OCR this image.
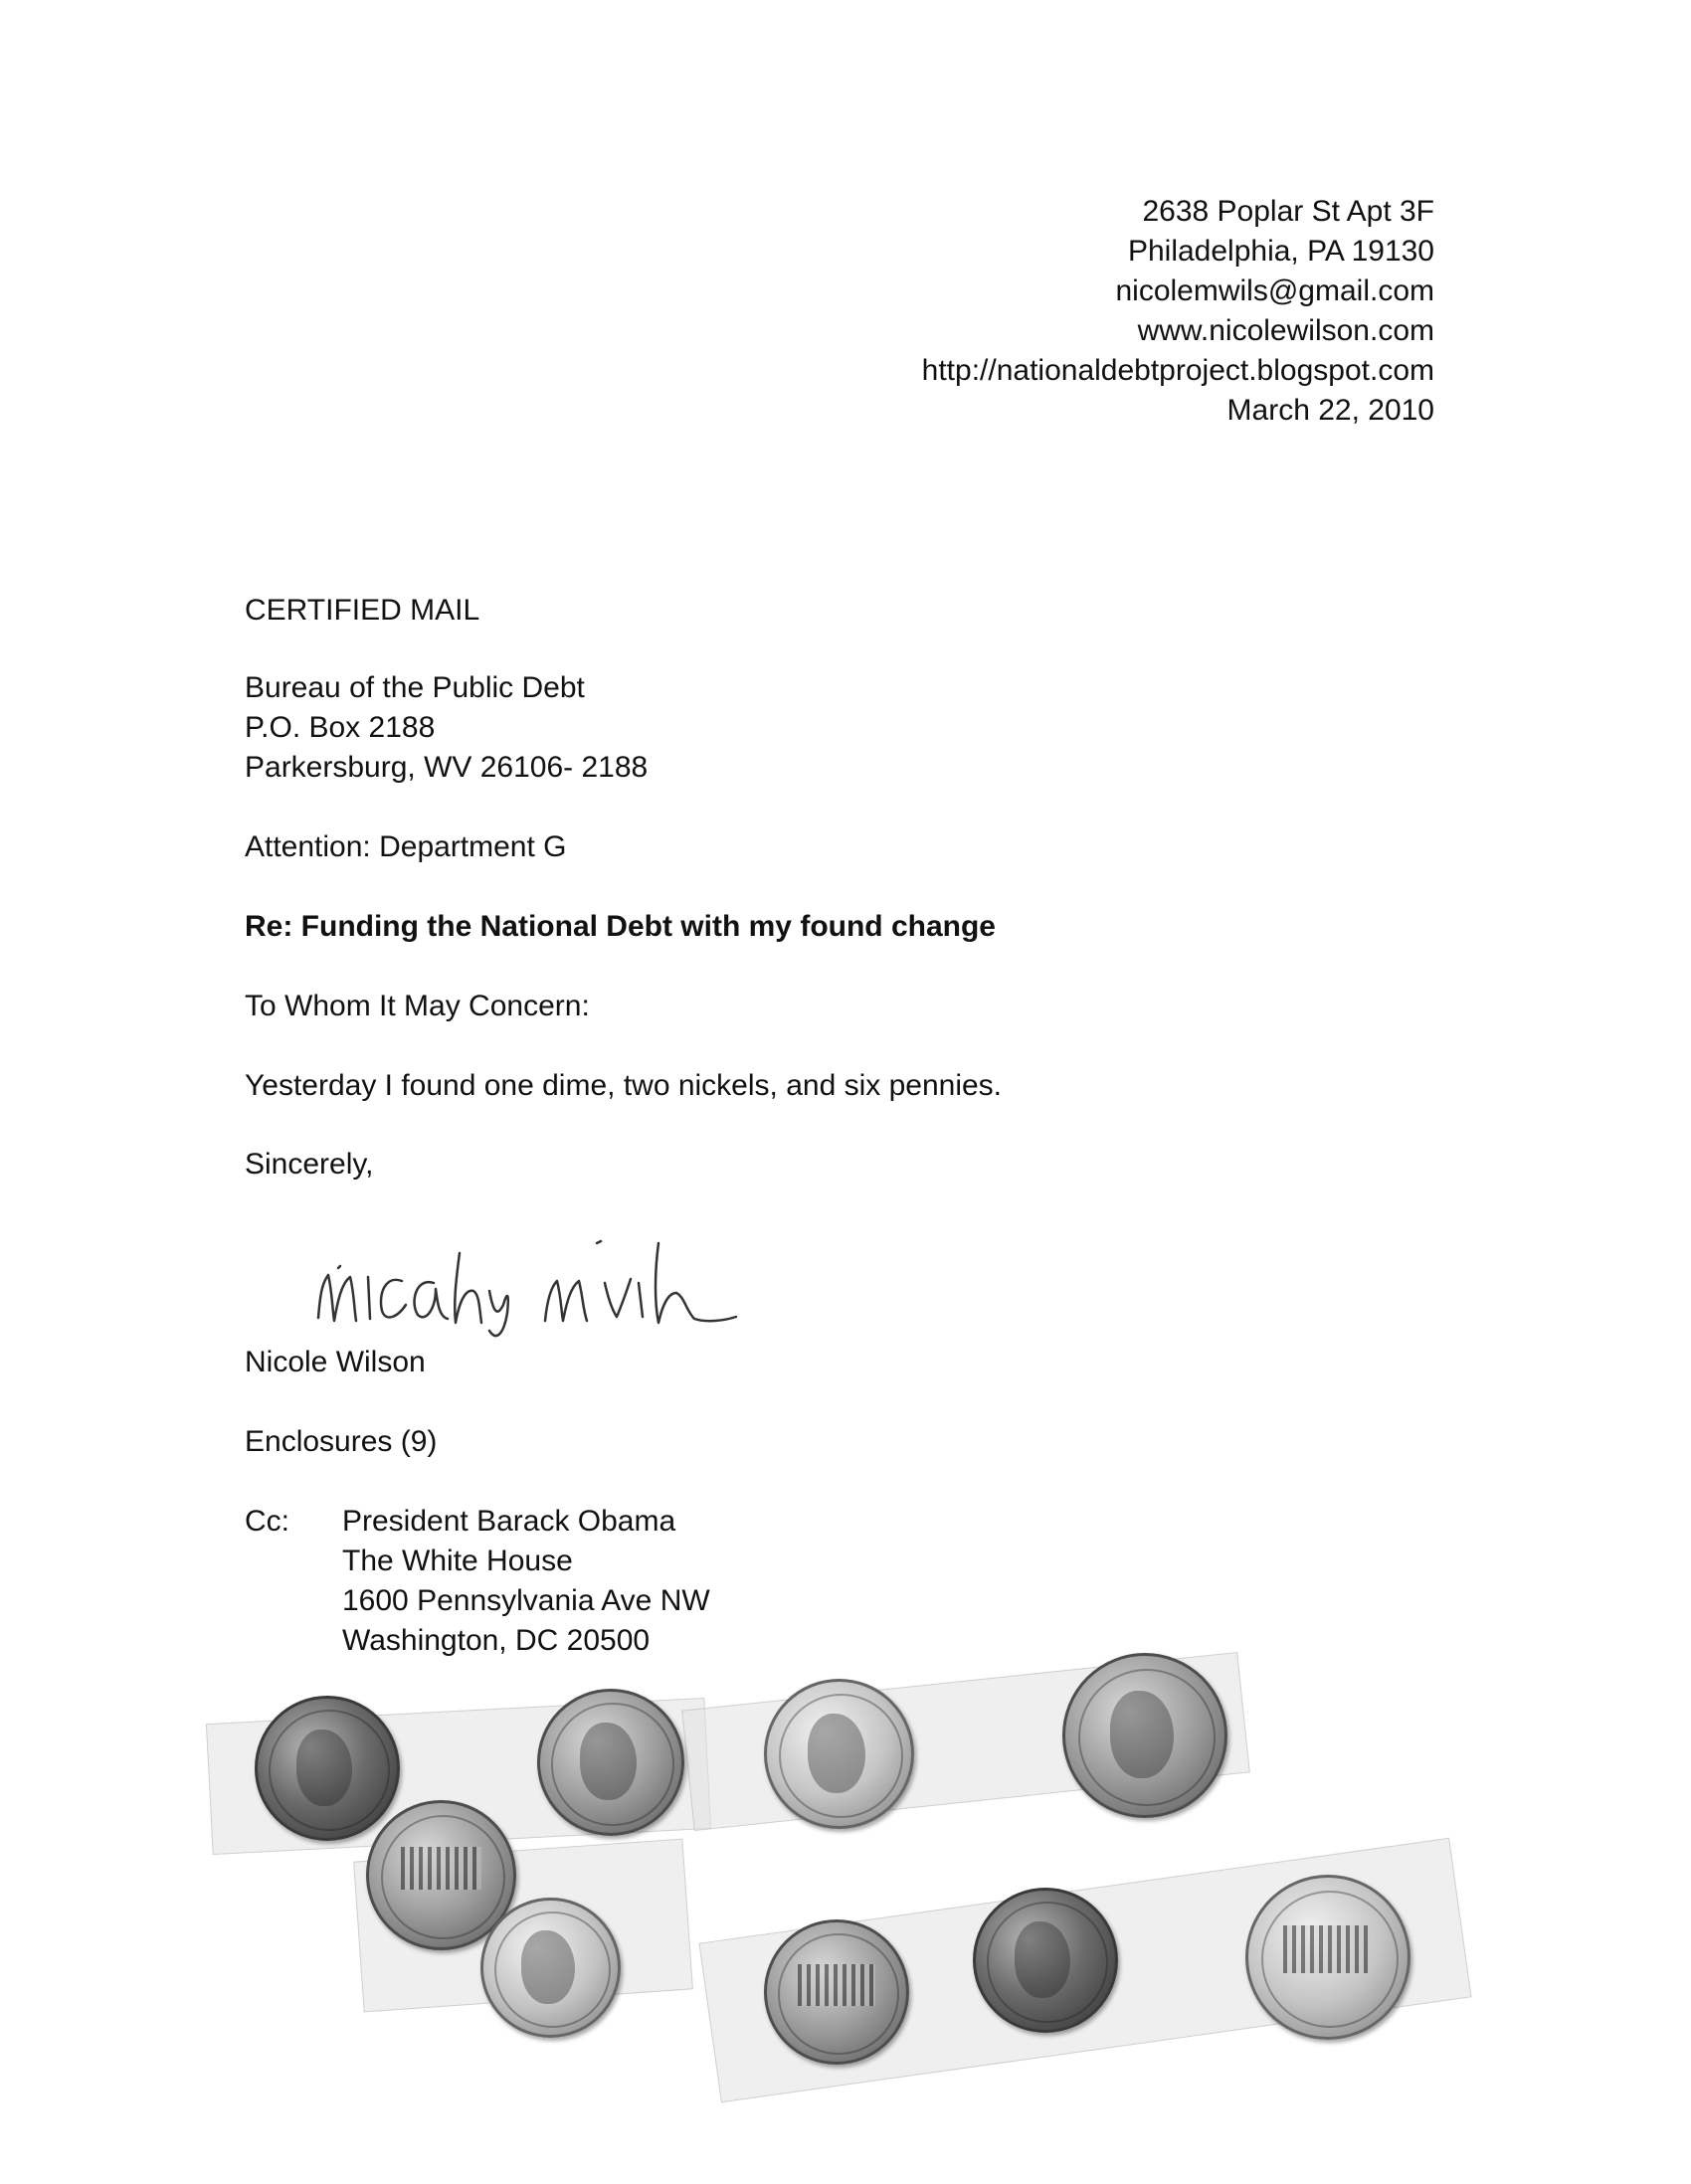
2638 Poplar St Apt 3F

Philadelphia, PA 19130

nicolemwils@gmail.com

www.nicolewilson.com

http://nationaldebtproject.blogspot.com

March 22, 2010

CERTIFIED MAIL

Bureau of the Public Debt

P.O. Box 2188

Parkersburg, WV 26106- 2188

Attention: Department G

Re: Funding the National Debt with my found change

To Whom It May Concern:

Yesterday I found one dime, two nickels, and six pennies.

Sincerely,

Nicole Wilson

Enclosures (9)

Cc:	President Barack Obama

The White House

1600 Pennsylvania Ave NW

Washington, DC 20500
